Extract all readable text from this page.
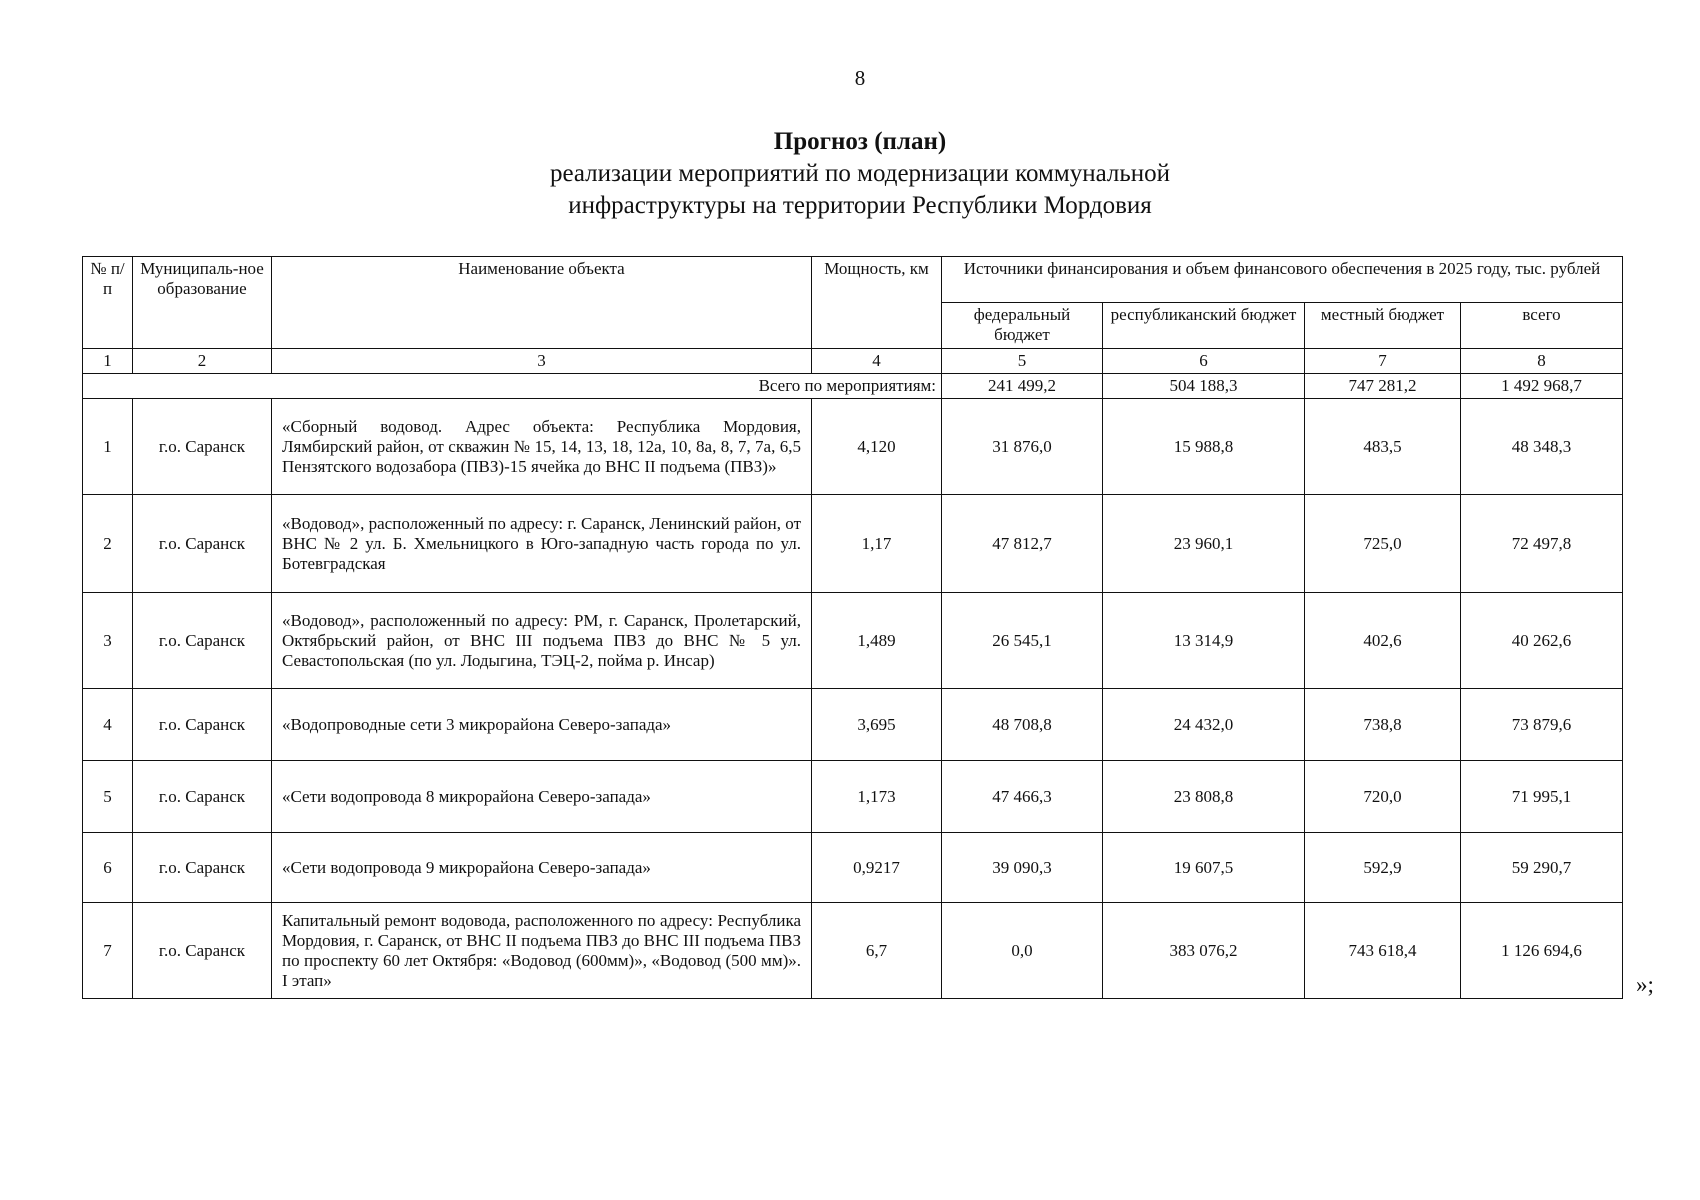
8
Прогноз (план)
реализации мероприятий по модернизации коммунальной
инфраструктуры на территории Республики Мордовия
№ п/п	Муниципаль-ное образование	Наименование объекта	Мощность, км	Источники финансирования и объем финансового обеспечения в 2025 году, тыс. рублей			
				федеральный бюджет	республиканский бюджет	местный бюджет	всего
1	2	3	4	5	6	7	8
Всего по мероприятиям:				241 499,2	504 188,3	747 281,2	1 492 968,7
1	г.о. Саранск	«Сборный водовод. Адрес объекта: Республика Мордовия, Лямбирский район, от скважин № 15, 14, 13, 18, 12а, 10, 8а, 8, 7, 7а, 6,5 Пензятского водозабора (ПВЗ)-15 ячейка до ВНС II подъема (ПВЗ)»	4,120	31 876,0	15 988,8	483,5	48 348,3
2	г.о. Саранск	«Водовод», расположенный по адресу: г. Саранск, Ленинский район, от ВНС № 2 ул. Б. Хмельницкого в Юго-западную часть города по ул. Ботевградская	1,17	47 812,7	23 960,1	725,0	72 497,8
3	г.о. Саранск	«Водовод», расположенный по адресу: РМ, г. Саранск, Пролетарский, Октябрьский район, от ВНС III подъема ПВЗ до ВНС № 5 ул. Севастопольская (по ул. Лодыгина, ТЭЦ-2, пойма р. Инсар)	1,489	26 545,1	13 314,9	402,6	40 262,6
4	г.о. Саранск	«Водопроводные сети 3 микрорайона Северо-запада»	3,695	48 708,8	24 432,0	738,8	73 879,6
5	г.о. Саранск	«Сети водопровода 8 микрорайона Северо-запада»	1,173	47 466,3	23 808,8	720,0	71 995,1
6	г.о. Саранск	«Сети водопровода 9 микрорайона Северо-запада»	0,9217	39 090,3	19 607,5	592,9	59 290,7
7	г.о. Саранск	Капитальный ремонт водовода, расположенного по адресу: Республика Мордовия, г. Саранск, от ВНС II подъема ПВЗ до ВНС III подъема ПВЗ по проспекту 60 лет Октября: «Водовод (600мм)», «Водовод (500 мм)». I этап»	6,7	0,0	383 076,2	743 618,4	1 126 694,6
»;
